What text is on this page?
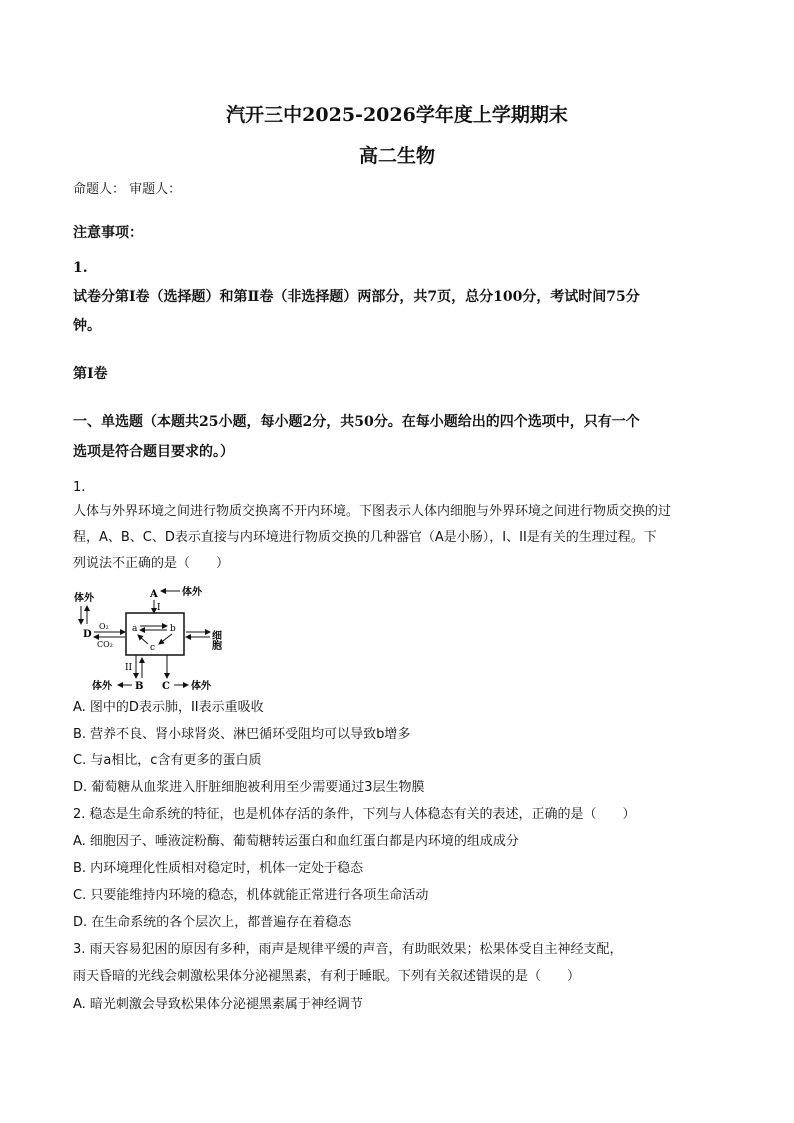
汽开三中2025-2026学年度上学期期末
高二生物
命题人： 审题人：
注意事项：
1.
试卷分第Ⅰ卷（选择题）和第Ⅱ卷（非选择题）两部分，共7页，总分100分，考试时间75分
钟。
第Ⅰ卷
一、单选题（本题共25小题，每小题2分，共50分。在每小题给出的四个选项中，只有一个
选项是符合题目要求的。）
1.
人体与外界环境之间进行物质交换离不开内环境。下图表示人体内细胞与外界环境之间进行物质交换的过
程，A、B、C、D表示直接与内环境进行物质交换的几种器官（A是小肠），I、II是有关的生理过程。下
列说法不正确的是（　　）
A 体外
I
体外
D
O₂
CO₂
a	b
c	细胞
II
B
体外	C 体外
A. 图中的D表示肺，II表示重吸收
B. 营养不良、肾小球肾炎、淋巴循环受阻均可以导致b增多
C. 与a相比，c含有更多的蛋白质
D. 葡萄糖从血浆进入肝脏细胞被利用至少需要通过3层生物膜
2. 稳态是生命系统的特征，也是机体存活的条件，下列与人体稳态有关的表述，正确的是（　　）
A. 细胞因子、唾液淀粉酶、葡萄糖转运蛋白和血红蛋白都是内环境的组成成分
B. 内环境理化性质相对稳定时，机体一定处于稳态
C. 只要能维持内环境的稳态，机体就能正常进行各项生命活动
D. 在生命系统的各个层次上，都普遍存在着稳态
3. 雨天容易犯困的原因有多种，雨声是规律平缓的声音，有助眠效果；松果体受自主神经支配，
雨天昏暗的光线会刺激松果体分泌褪黑素，有利于睡眠。下列有关叙述错误的是（　　）
A. 暗光刺激会导致松果体分泌褪黑素属于神经调节
